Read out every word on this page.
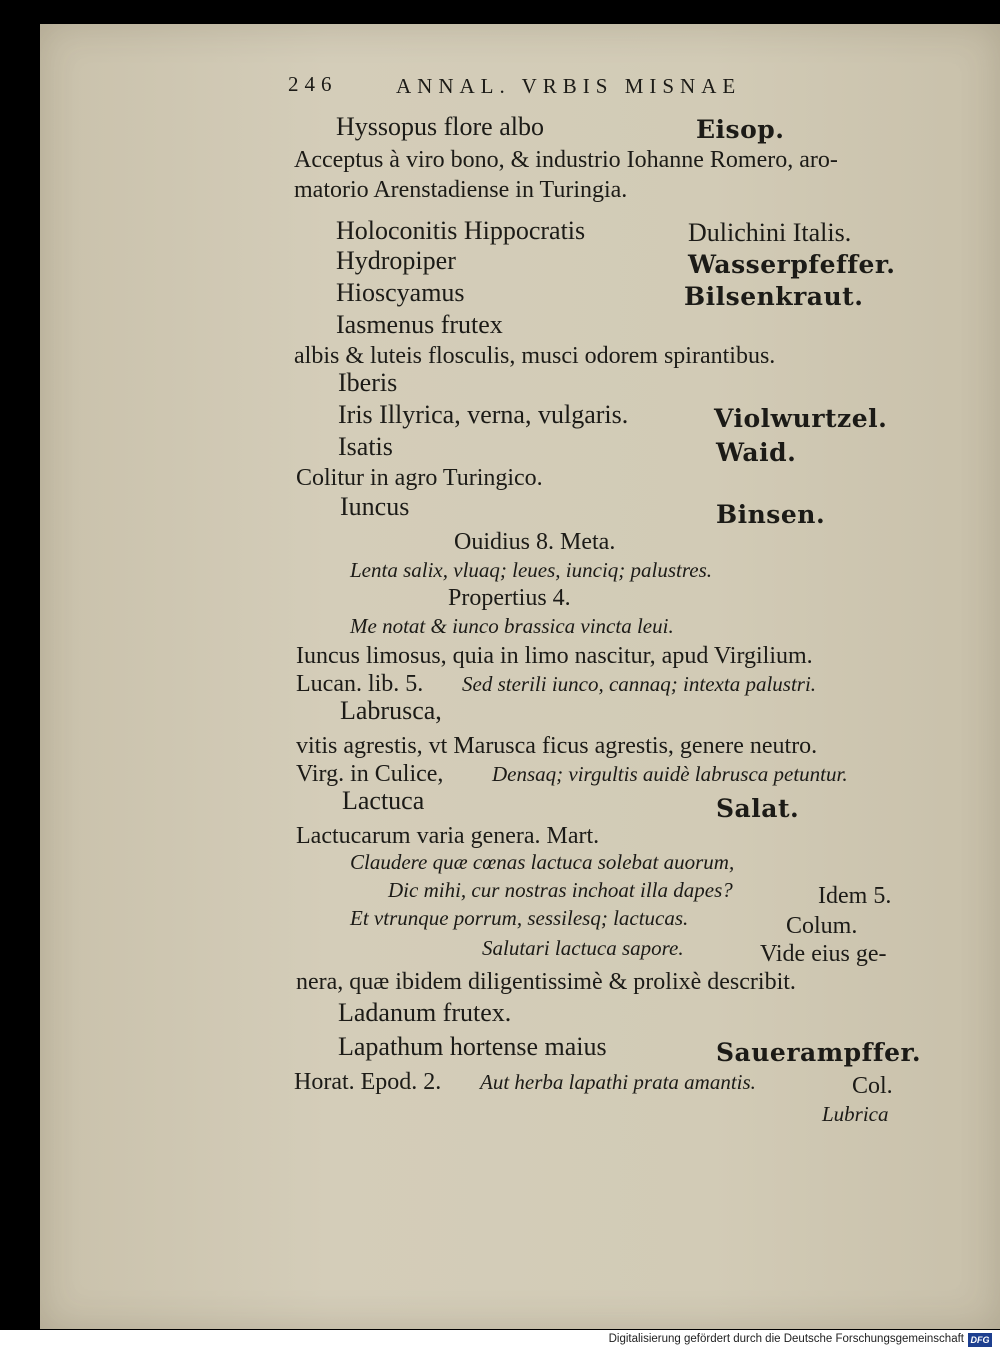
246	ANNAL. VRBIS MISNAE
Hyssopus flore albo	Eisop.
Acceptus à viro bono, & industrio Iohanne Romero, aro-
matorio Arenstadiense in Turingia.
Holoconitis Hippocratis	Dulichini Italis.
Hydropiper	Wasserpfeffer.
Hioscyamus	Bilsenkraut.
Iasmenus frutex
albis & luteis flosculis, musci odorem spirantibus.
Iberis
Iris Illyrica, verna, vulgaris.	Violwurtzel.
Isatis	Waid.
Colitur in agro Turingico.
Iuncus	Binsen.
Ouidius 8. Meta.
Lenta salix, vluaq; leues, iunciq; palustres.
Propertius 4.
Me notat & iunco brassica vincta leui.
Iuncus limosus, quia in limo nascitur, apud Virgilium.
Lucan. lib. 5. Sed sterili iunco, cannaq; intexta palustri.
Labrusca,
vitis agrestis, vt Marusca ficus agrestis, genere neutro.
Virg. in Culice, Densaq; virgultis auidè labrusca petuntur.
Lactuca	Salat.
Lactucarum varia genera. Mart.
Claudere quæ cœnas lactuca solebat auorum,
Dic mihi, cur nostras inchoat illa dapes?	Idem 5.
Et vtrunque porrum, sessilesq; lactucas.	Colum.
Salutari lactuca sapore.	Vide eius ge-
nera, quæ ibidem diligentissimè & prolixè describit.
Ladanum frutex.
Lapathum hortense maius	Sauerampffer.
Horat. Epod. 2. Aut herba lapathi prata amantis.	Col.
Lubrica
Digitalisierung gefördert durch die Deutsche Forschungsgemeinschaft DFG
